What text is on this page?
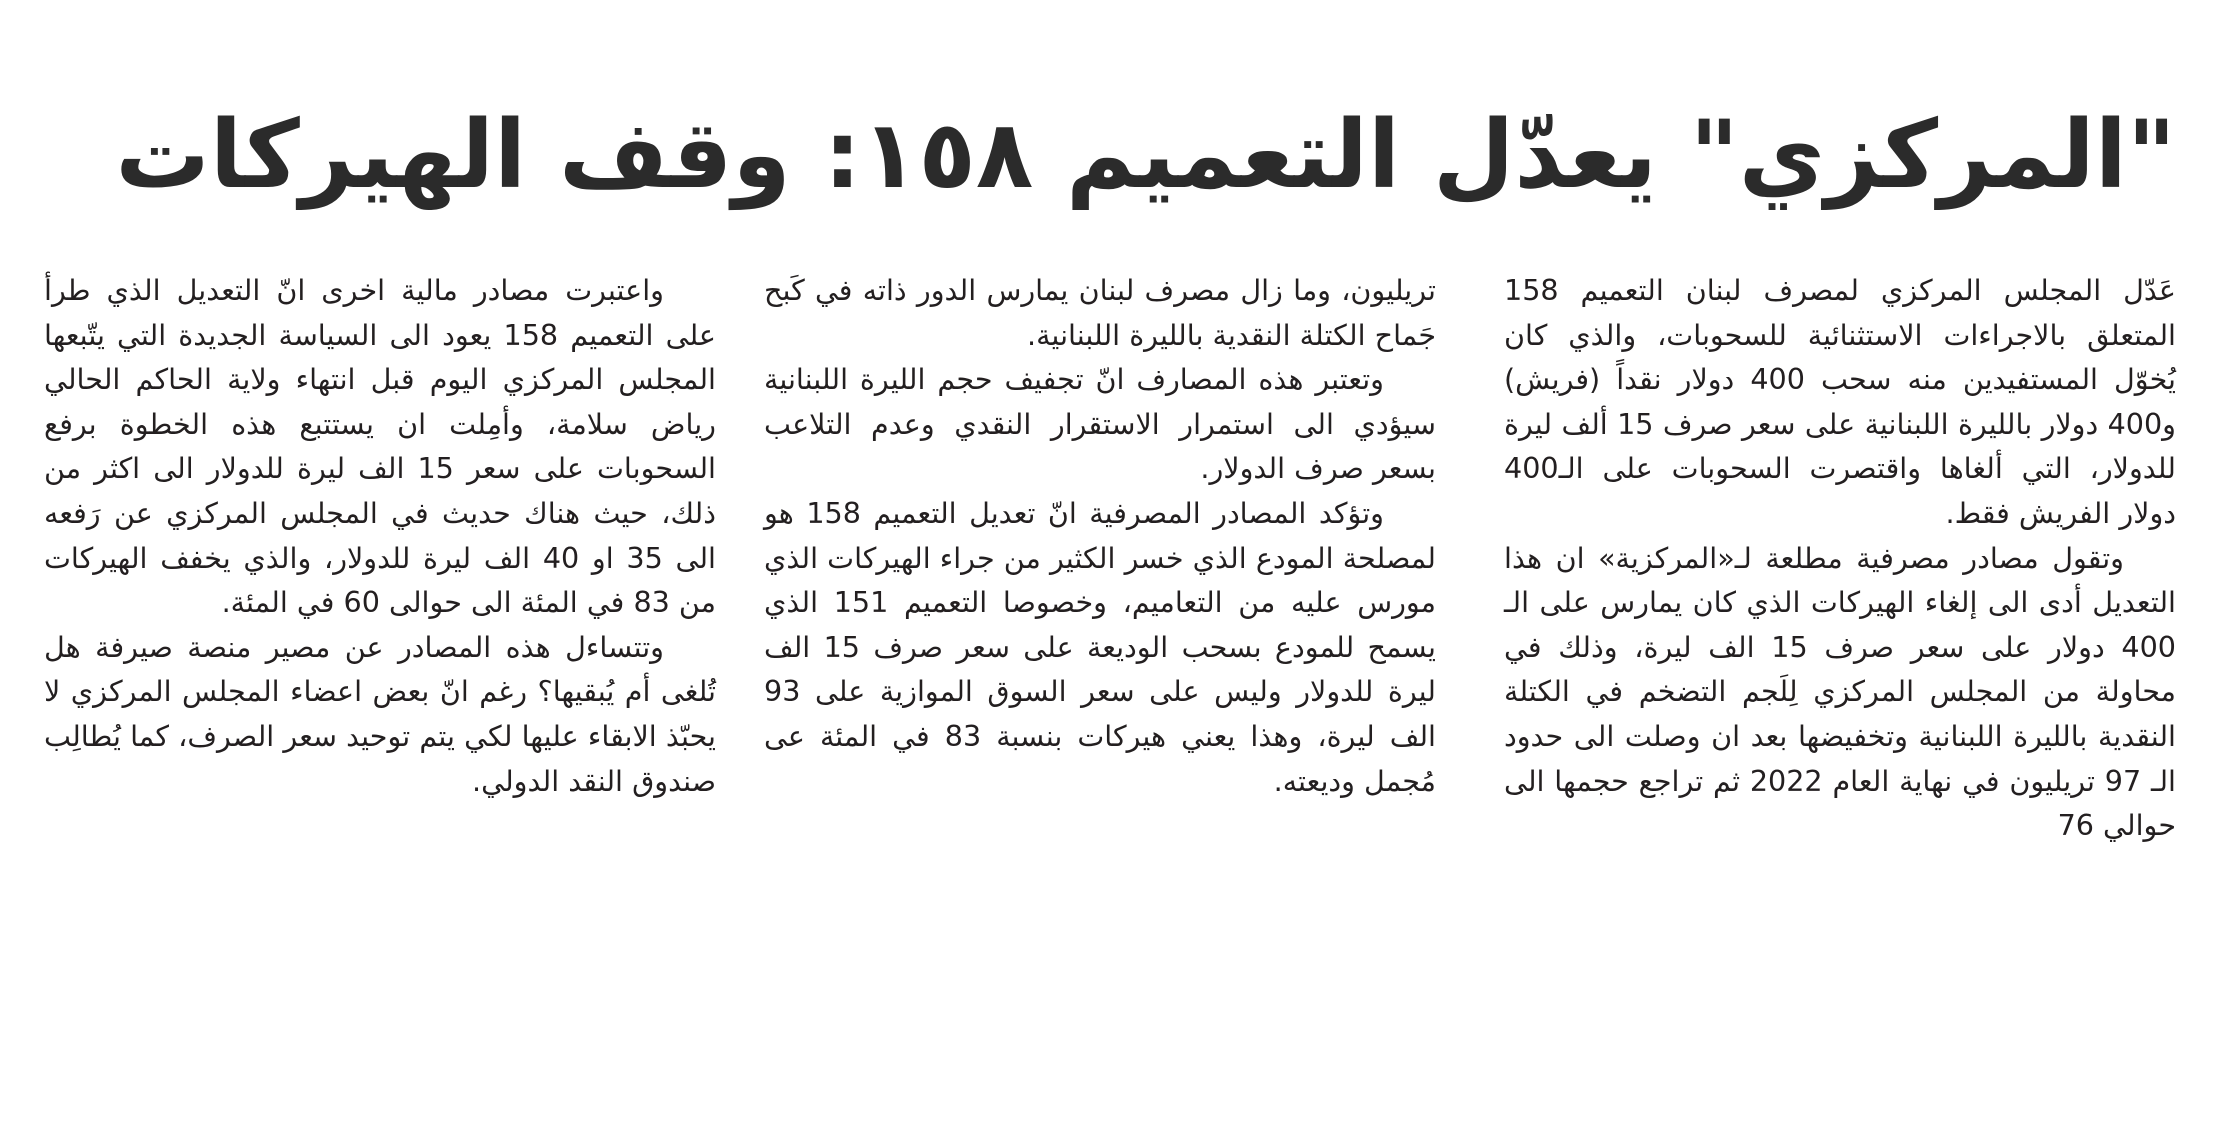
"المركزي" يعدّل التعميم ١٥٨: وقف الهيركات

عَدّل المجلس المركزي لمصرف لبنان التعميم 158 المتعلق بالاجراءات الاستثنائية للسحوبات، والذي كان يُخوّل المستفيدين منه سحب 400 دولار نقداً (فريش) و400 دولار بالليرة اللبنانية على سعر صرف 15 ألف ليرة للدولار، التي ألغاها واقتصرت السحوبات على الـ400 دولار الفريش فقط.

وتقول مصادر مصرفية مطلعة لـ«المركزية» ان هذا التعديل أدى الى إلغاء الهيركات الذي كان يمارس على الـ 400 دولار على سعر صرف 15 الف ليرة، وذلك في محاولة من المجلس المركزي لِلَجم التضخم في الكتلة النقدية بالليرة اللبنانية وتخفيضها بعد ان وصلت الى حدود الـ 97 تريليون في نهاية العام 2022 ثم تراجع حجمها الى حوالي 76

تريليون، وما زال مصرف لبنان يمارس الدور ذاته في كَبح جَماح الكتلة النقدية بالليرة اللبنانية.

وتعتبر هذه المصارف انّ تجفيف حجم الليرة اللبنانية سيؤدي الى استمرار الاستقرار النقدي وعدم التلاعب بسعر صرف الدولار.

وتؤكد المصادر المصرفية انّ تعديل التعميم 158 هو لمصلحة المودع الذي خسر الكثير من جراء الهيركات الذي مورس عليه من التعاميم، وخصوصا التعميم 151 الذي يسمح للمودع بسحب الوديعة على سعر صرف 15 الف ليرة للدولار وليس على سعر السوق الموازية على 93 الف ليرة، وهذا يعني هيركات بنسبة 83 في المئة عى مُجمل وديعته.

واعتبرت مصادر مالية اخرى انّ التعديل الذي طرأ على التعميم 158 يعود الى السياسة الجديدة التي يتّبعها المجلس المركزي اليوم قبل انتهاء ولاية الحاكم الحالي رياض سلامة، وأمِلت ان يستتبع هذه الخطوة برفع السحوبات على سعر 15 الف ليرة للدولار الى اكثر من ذلك، حيث هناك حديث في المجلس المركزي عن رَفعه الى 35 او 40 الف ليرة للدولار، والذي يخفف الهيركات من 83 في المئة الى حوالى 60 في المئة.

وتتساءل هذه المصادر عن مصير منصة صيرفة هل تُلغى أم يُبقيها؟ رغم انّ بعض اعضاء المجلس المركزي لا يحبّذ الابقاء عليها لكي يتم توحيد سعر الصرف، كما يُطالِب صندوق النقد الدولي.
